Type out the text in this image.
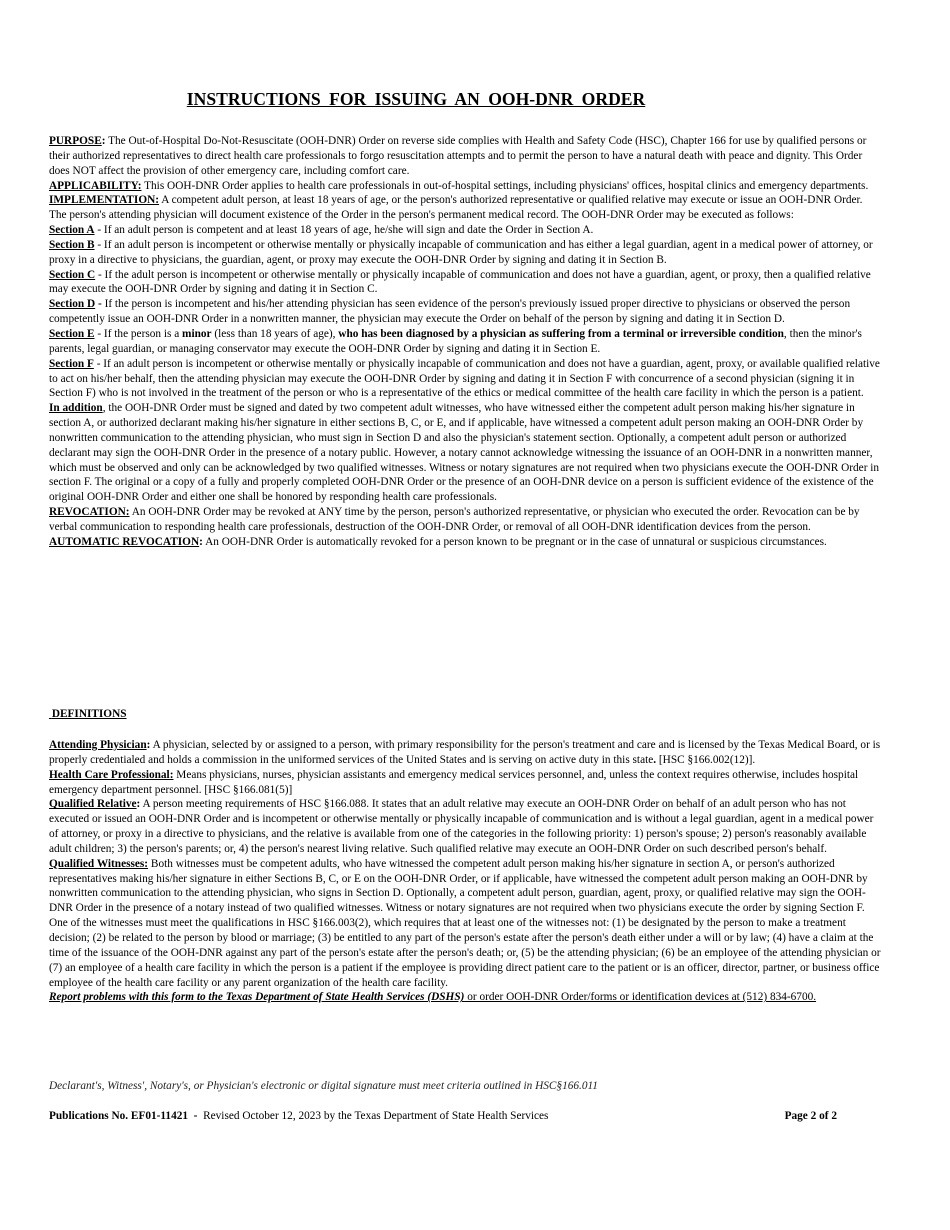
INSTRUCTIONS FOR ISSUING AN OOH-DNR ORDER

PURPOSE: The Out-of-Hospital Do-Not-Resuscitate (OOH-DNR) Order on reverse side complies with Health and Safety Code (HSC), Chapter 166 for use by qualified persons or their authorized representatives to direct health care professionals to forgo resuscitation attempts and to permit the person to have a natural death with peace and dignity. This Order does NOT affect the provision of other emergency care, including comfort care.

APPLICABILITY: This OOH-DNR Order applies to health care professionals in out-of-hospital settings, including physicians' offices, hospital clinics and emergency departments.

IMPLEMENTATION: A competent adult person, at least 18 years of age, or the person's authorized representative or qualified relative may execute or issue an OOH-DNR Order. The person's attending physician will document existence of the Order in the person's permanent medical record. The OOH-DNR Order may be executed as follows:

Section A - If an adult person is competent and at least 18 years of age, he/she will sign and date the Order in Section A.

Section B - If an adult person is incompetent or otherwise mentally or physically incapable of communication and has either a legal guardian, agent in a medical power of attorney, or proxy in a directive to physicians, the guardian, agent, or proxy may execute the OOH-DNR Order by signing and dating it in Section B.

Section C - If the adult person is incompetent or otherwise mentally or physically incapable of communication and does not have a guardian, agent, or proxy, then a qualified relative may execute the OOH-DNR Order by signing and dating it in Section C.

Section D - If the person is incompetent and his/her attending physician has seen evidence of the person's previously issued proper directive to physicians or observed the person competently issue an OOH-DNR Order in a nonwritten manner, the physician may execute the Order on behalf of the person by signing and dating it in Section D.

Section E - If the person is a minor (less than 18 years of age), who has been diagnosed by a physician as suffering from a terminal or irreversible condition, then the minor's parents, legal guardian, or managing conservator may execute the OOH-DNR Order by signing and dating it in Section E.

Section F - If an adult person is incompetent or otherwise mentally or physically incapable of communication and does not have a guardian, agent, proxy, or available qualified relative to act on his/her behalf, then the attending physician may execute the OOH-DNR Order by signing and dating it in Section F with concurrence of a second physician (signing it in Section F) who is not involved in the treatment of the person or who is a representative of the ethics or medical committee of the health care facility in which the person is a patient.

In addition, the OOH-DNR Order must be signed and dated by two competent adult witnesses, who have witnessed either the competent adult person making his/her signature in section A, or authorized declarant making his/her signature in either sections B, C, or E, and if applicable, have witnessed a competent adult person making an OOH-DNR Order by nonwritten communication to the attending physician, who must sign in Section D and also the physician's statement section. Optionally, a competent adult person or authorized declarant may sign the OOH-DNR Order in the presence of a notary public. However, a notary cannot acknowledge witnessing the issuance of an OOH-DNR in a nonwritten manner, which must be observed and only can be acknowledged by two qualified witnesses. Witness or notary signatures are not required when two physicians execute the OOH-DNR Order in section F. The original or a copy of a fully and properly completed OOH-DNR Order or the presence of an OOH-DNR device on a person is sufficient evidence of the existence of the original OOH-DNR Order and either one shall be honored by responding health care professionals.

REVOCATION: An OOH-DNR Order may be revoked at ANY time by the person, person's authorized representative, or physician who executed the order. Revocation can be by verbal communication to responding health care professionals, destruction of the OOH-DNR Order, or removal of all OOH-DNR identification devices from the person.

AUTOMATIC REVOCATION: An OOH-DNR Order is automatically revoked for a person known to be pregnant or in the case of unnatural or suspicious circumstances.

DEFINITIONS

Attending Physician: A physician, selected by or assigned to a person, with primary responsibility for the person's treatment and care and is licensed by the Texas Medical Board, or is properly credentialed and holds a commission in the uniformed services of the United States and is serving on active duty in this state. [HSC §166.002(12)].

Health Care Professional: Means physicians, nurses, physician assistants and emergency medical services personnel, and, unless the context requires otherwise, includes hospital emergency department personnel. [HSC §166.081(5)]

Qualified Relative: A person meeting requirements of HSC §166.088. It states that an adult relative may execute an OOH-DNR Order on behalf of an adult person who has not executed or issued an OOH-DNR Order and is incompetent or otherwise mentally or physically incapable of communication and is without a legal guardian, agent in a medical power of attorney, or proxy in a directive to physicians, and the relative is available from one of the categories in the following priority: 1) person's spouse; 2) person's reasonably available adult children; 3) the person's parents; or, 4) the person's nearest living relative. Such qualified relative may execute an OOH-DNR Order on such described person's behalf.

Qualified Witnesses: Both witnesses must be competent adults, who have witnessed the competent adult person making his/her signature in section A, or person's authorized representatives making his/her signature in either Sections B, C, or E on the OOH-DNR Order, or if applicable, have witnessed the competent adult person making an OOH-DNR by nonwritten communication to the attending physician, who signs in Section D. Optionally, a competent adult person, guardian, agent, proxy, or qualified relative may sign the OOH-DNR Order in the presence of a notary instead of two qualified witnesses. Witness or notary signatures are not required when two physicians execute the order by signing Section F. One of the witnesses must meet the qualifications in HSC §166.003(2), which requires that at least one of the witnesses not: (1) be designated by the person to make a treatment decision; (2) be related to the person by blood or marriage; (3) be entitled to any part of the person's estate after the person's death either under a will or by law; (4) have a claim at the time of the issuance of the OOH-DNR against any part of the person's estate after the person's death; or, (5) be the attending physician; (6) be an employee of the attending physician or (7) an employee of a health care facility in which the person is a patient if the employee is providing direct patient care to the patient or is an officer, director, partner, or business office employee of the health care facility or any parent organization of the health care facility.

Report problems with this form to the Texas Department of State Health Services (DSHS) or order OOH-DNR Order/forms or identification devices at (512) 834-6700.

Declarant's, Witness', Notary's, or Physician's electronic or digital signature must meet criteria outlined in HSC§166.011
Publications No. EF01-11421  - Revised October 12, 2023 by the Texas Department of State Health Services	Page 2 of 2
